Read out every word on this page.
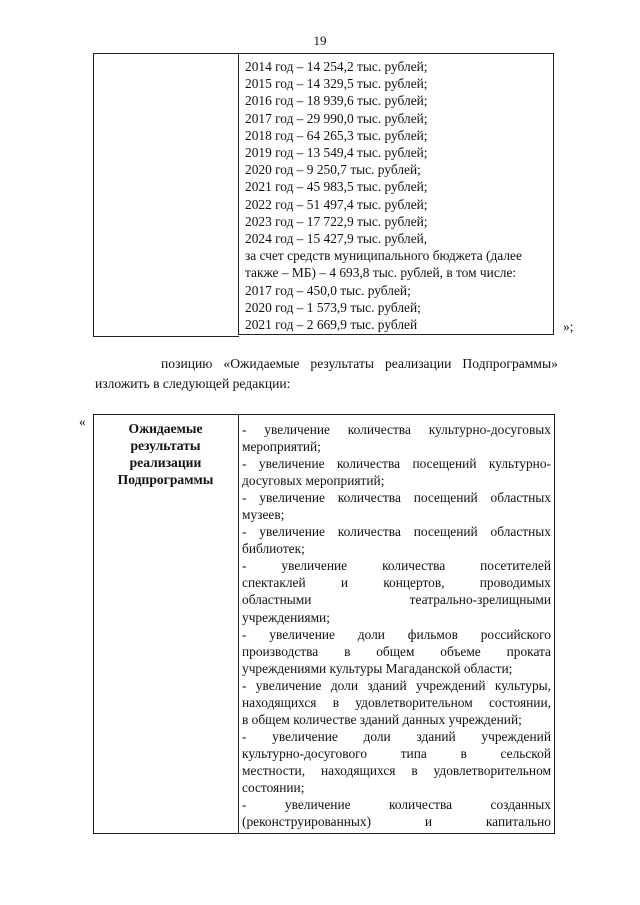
19
2014 год – 14 254,2 тыс. рублей;
2015 год – 14 329,5 тыс. рублей;
2016 год – 18 939,6 тыс. рублей;
2017 год – 29 990,0 тыс. рублей;
2018 год – 64 265,3 тыс. рублей;
2019 год – 13 549,4 тыс. рублей;
2020 год – 9 250,7 тыс. рублей;
2021 год – 45 983,5 тыс. рублей;
2022 год – 51 497,4 тыс. рублей;
2023 год – 17 722,9 тыс. рублей;
2024 год – 15 427,9 тыс. рублей,
за счет средств муниципального бюджета (далее
также – МБ) – 4 693,8 тыс. рублей, в том числе:
2017 год – 450,0 тыс. рублей;
2020 год – 1 573,9 тыс. рублей;
2021 год – 2 669,9 тыс. рублей	»;
позицию «Ожидаемые результаты реализации Подпрограммы»
изложить в следующей редакции:
«	Ожидаемые
результаты
реализации
Подпрограммы
- увеличение количества культурно-досуговых
мероприятий;
- увеличение количества посещений культурно-
досуговых мероприятий;
- увеличение количества посещений областных
музеев;
- увеличение количества посещений областных
библиотек;
- увеличение количества посетителей
спектаклей и концертов, проводимых
областными театрально-зрелищными
учреждениями;
- увеличение доли фильмов российского
производства в общем объеме проката
учреждениями культуры Магаданской области;
- увеличение доли зданий учреждений культуры,
находящихся в удовлетворительном состоянии,
в общем количестве зданий данных учреждений;
- увеличение доли зданий учреждений
культурно-досугового типа в сельской
местности, находящихся в удовлетворительном
состоянии;
- увеличение количества созданных
(реконструированных) и капитально
